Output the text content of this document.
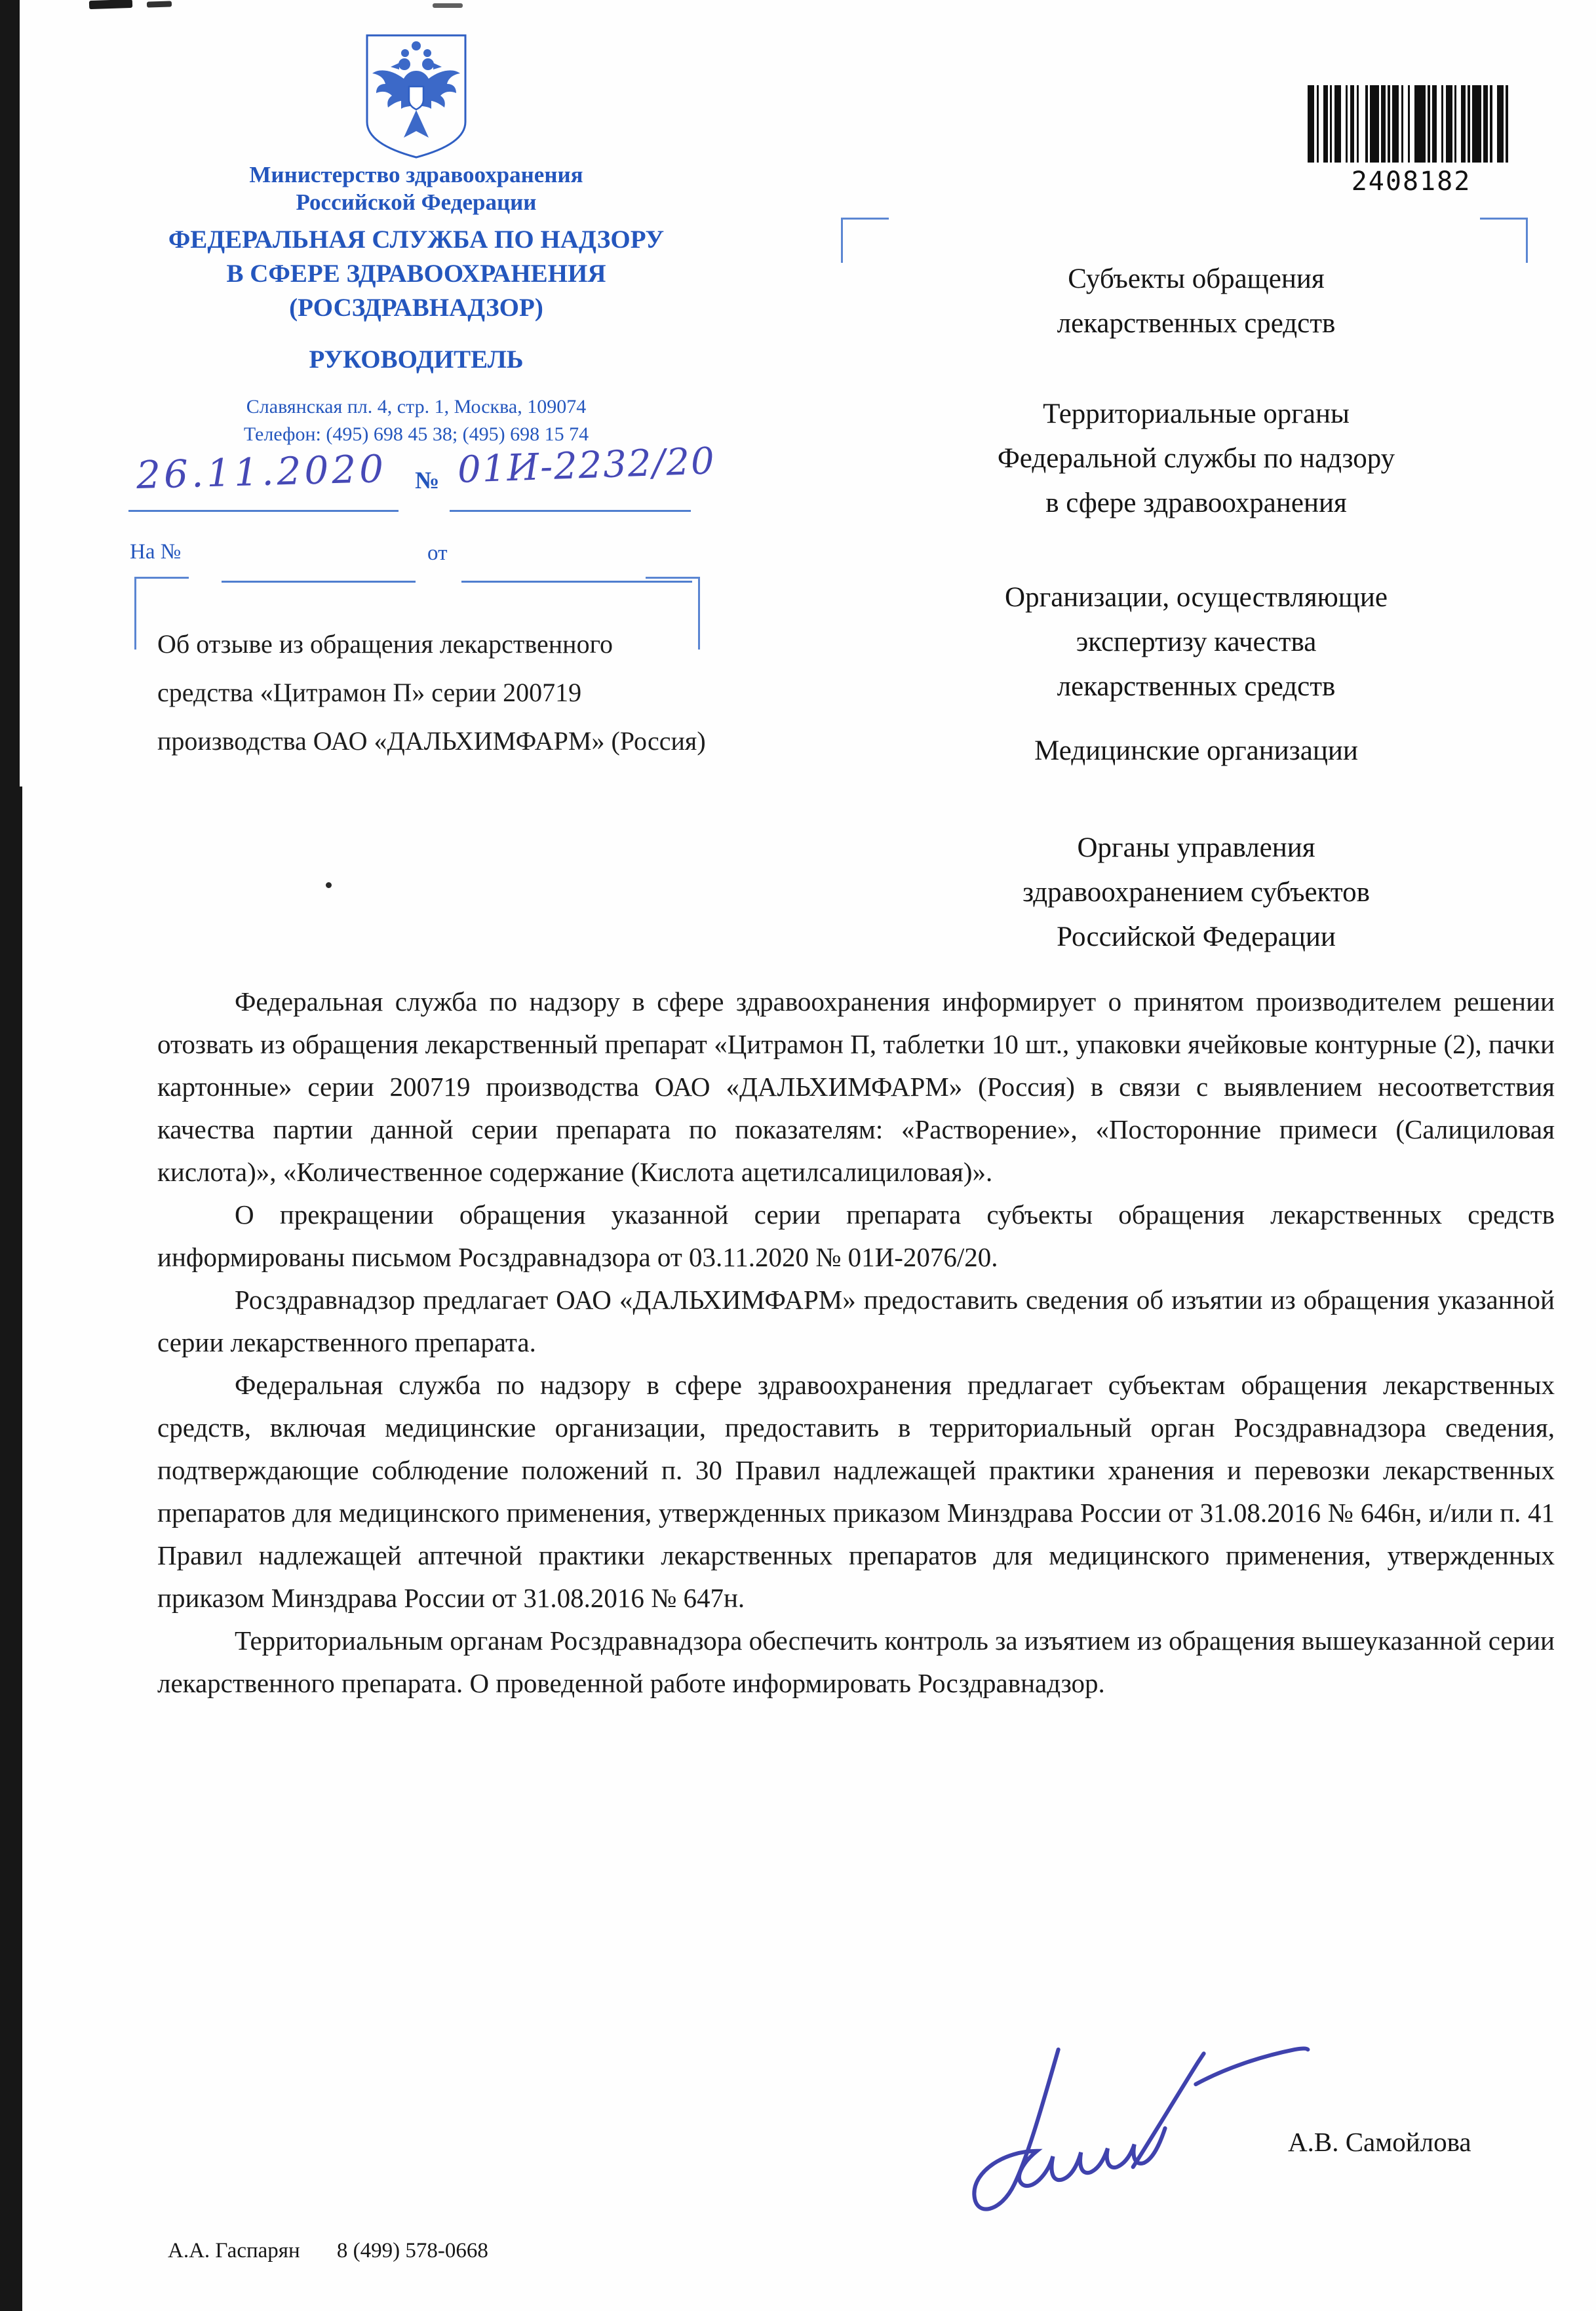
Министерство здравоохранения
Российской Федерации
ФЕДЕРАЛЬНАЯ СЛУЖБА ПО НАДЗОРУ
В СФЕРЕ ЗДРАВООХРАНЕНИЯ
(РОСЗДРАВНАДЗОР)
РУКОВОДИТЕЛЬ
Славянская пл. 4, стр. 1, Москва, 109074
Телефон: (495) 698 45 38; (495) 698 15 74
26.11.2020 № 01И-2232/20
На №	от
Об отзыве из обращения лекарственного
средства «Цитрамон П» серии 200719
производства ОАО «ДАЛЬХИМФАРМ» (Россия)
2408182
Субъекты обращения
лекарственных средств
Территориальные органы
Федеральной службы по надзору
в сфере здравоохранения
Организации, осуществляющие
экспертизу качества
лекарственных средств
Медицинские организации
Органы управления
здравоохранением субъектов
Российской Федерации

Федеральная служба по надзору в сфере здравоохранения информирует о принятом производителем решении отозвать из обращения лекарственный препарат «Цитрамон П, таблетки 10 шт., упаковки ячейковые контурные (2), пачки картонные» серии 200719 производства ОАО «ДАЛЬХИМФАРМ» (Россия) в связи с выявлением несоответствия качества партии данной серии препарата по показателям: «Растворение», «Посторонние примеси (Салициловая кислота)», «Количественное содержание (Кислота ацетилсалициловая)».

О прекращении обращения указанной серии препарата субъекты обращения лекарственных средств информированы письмом Росздравнадзора от 03.11.2020 № 01И-2076/20.

Росздравнадзор предлагает ОАО «ДАЛЬХИМФАРМ» предоставить сведения об изъятии из обращения указанной серии лекарственного препарата.

Федеральная служба по надзору в сфере здравоохранения предлагает субъектам обращения лекарственных средств, включая медицинские организации, предоставить в территориальный орган Росздравнадзора сведения, подтверждающие соблюдение положений п. 30 Правил надлежащей практики хранения и перевозки лекарственных препаратов для медицинского применения, утвержденных приказом Минздрава России от 31.08.2016 № 646н, и/или п. 41 Правил надлежащей аптечной практики лекарственных препаратов для медицинского применения, утвержденных приказом Минздрава России от 31.08.2016 № 647н.

Территориальным органам Росздравнадзора обеспечить контроль за изъятием из обращения вышеуказанной серии лекарственного препарата. О проведенной работе информировать Росздравнадзор.

А.В. Самойлова
А.А. Гаспарян 8 (499) 578-0668
